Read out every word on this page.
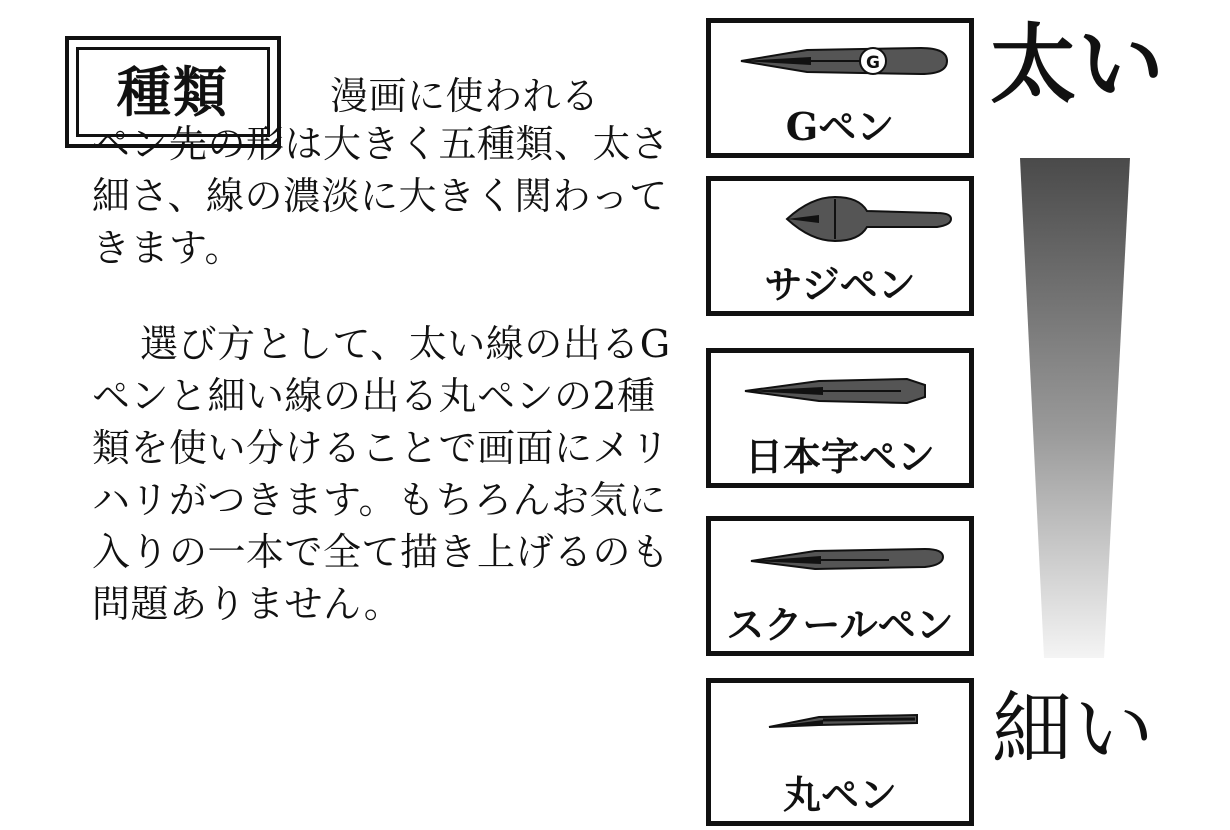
種類	漫画に使われる
ペン先の形は大きく五種類、太さ細さ、線の濃淡に大きく関わってきます。
選び方として、太い線の出るGペンと細い線の出る丸ペンの2種類を使い分けることで画面にメリハリがつきます。もちろんお気に入りの一本で全て描き上げるのも問題ありません。
G
Gペン
サジペン
日本字ペン
スクールペン
丸ペン
太い
細い
